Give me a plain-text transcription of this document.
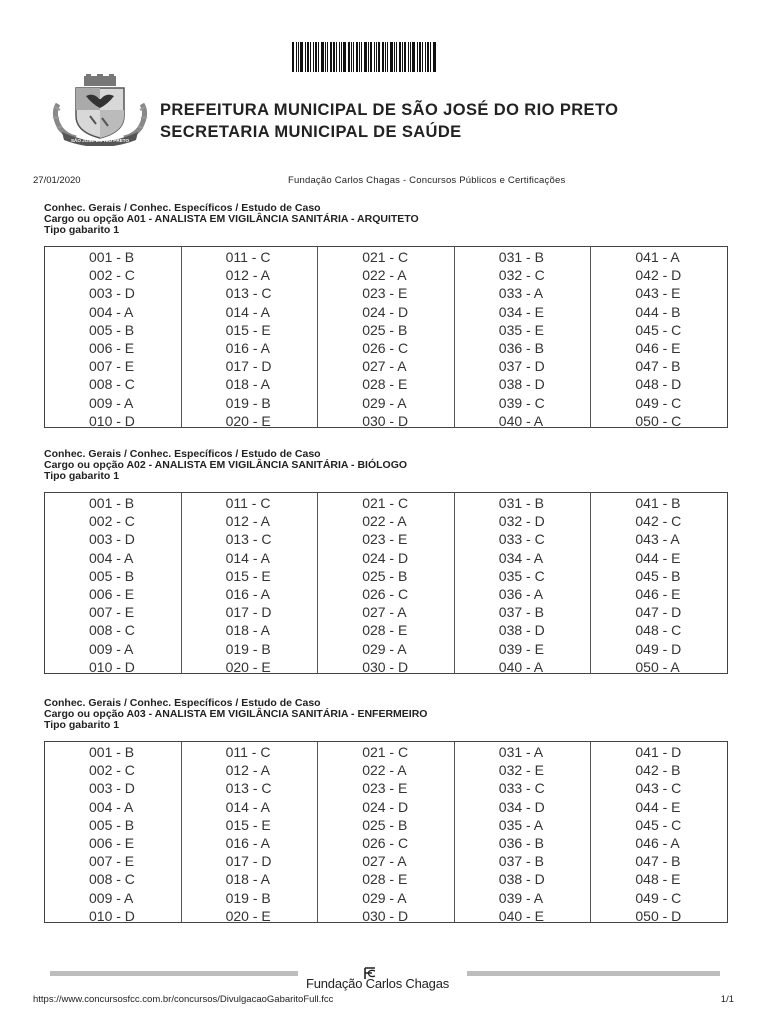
SÃO JOSÉ DO RIO PRETO
PREFEITURA MUNICIPAL DE SÃO JOSÉ DO RIO PRETO
SECRETARIA MUNICIPAL DE SAÚDE
27/01/2020	Fundação Carlos Chagas - Concursos Públicos e Certificações
Conhec. Gerais / Conhec. Específicos / Estudo de Caso
Cargo ou opção A01 - ANALISTA EM VIGILÂNCIA SANITÁRIA - ARQUITETO
Tipo gabarito 1
001 - B
002 - C
003 - D
004 - A
005 - B
006 - E
007 - E
008 - C
009 - A
010 - D
011 - C
012 - A
013 - C
014 - A
015 - E
016 - A
017 - D
018 - A
019 - B
020 - E
021 - C
022 - A
023 - E
024 - D
025 - B
026 - C
027 - A
028 - E
029 - A
030 - D
031 - B
032 - C
033 - A
034 - E
035 - E
036 - B
037 - D
038 - D
039 - C
040 - A
041 - A
042 - D
043 - E
044 - B
045 - C
046 - E
047 - B
048 - D
049 - C
050 - C
Conhec. Gerais / Conhec. Específicos / Estudo de Caso
Cargo ou opção A02 - ANALISTA EM VIGILÂNCIA SANITÁRIA - BIÓLOGO
Tipo gabarito 1
001 - B
002 - C
003 - D
004 - A
005 - B
006 - E
007 - E
008 - C
009 - A
010 - D
011 - C
012 - A
013 - C
014 - A
015 - E
016 - A
017 - D
018 - A
019 - B
020 - E
021 - C
022 - A
023 - E
024 - D
025 - B
026 - C
027 - A
028 - E
029 - A
030 - D
031 - B
032 - D
033 - C
034 - A
035 - C
036 - A
037 - B
038 - D
039 - E
040 - A
041 - B
042 - C
043 - A
044 - E
045 - B
046 - E
047 - D
048 - C
049 - D
050 - A
Conhec. Gerais / Conhec. Específicos / Estudo de Caso
Cargo ou opção A03 - ANALISTA EM VIGILÂNCIA SANITÁRIA - ENFERMEIRO
Tipo gabarito 1
001 - B
002 - C
003 - D
004 - A
005 - B
006 - E
007 - E
008 - C
009 - A
010 - D
011 - C
012 - A
013 - C
014 - A
015 - E
016 - A
017 - D
018 - A
019 - B
020 - E
021 - C
022 - A
023 - E
024 - D
025 - B
026 - C
027 - A
028 - E
029 - A
030 - D
031 - A
032 - E
033 - C
034 - D
035 - A
036 - B
037 - B
038 - D
039 - A
040 - E
041 - D
042 - B
043 - C
044 - E
045 - C
046 - A
047 - B
048 - E
049 - C
050 - D
Fundação Carlos Chagas
https://www.concursosfcc.com.br/concursos/DivulgacaoGabaritoFull.fcc	1/1
